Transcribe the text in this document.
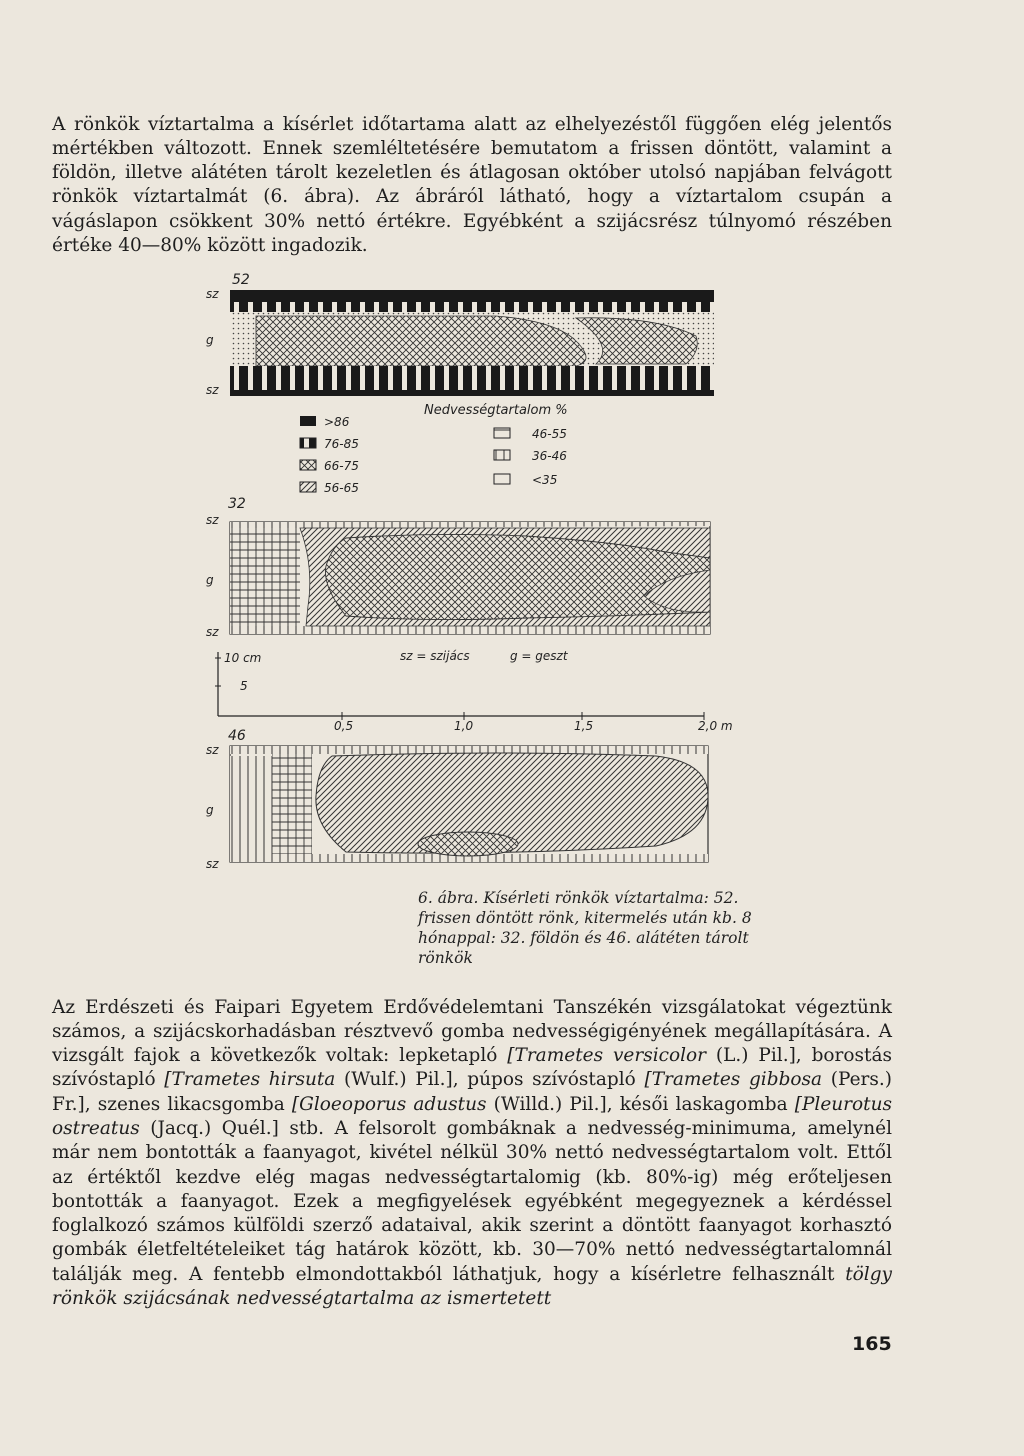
A rönkök víztartalma a kísérlet időtartama alatt az elhelyezéstől függően elég jelentős mértékben változott. Ennek szemléltetésére bemutatom a frissen döntött, valamint a földön, illetve alátéten tárolt kezeletlen és átlagosan október utolsó napjában felvágott rönkök víztartalmát (6. ábra). Az ábráról látható, hogy a víztartalom csupán a vágáslapon csökkent 30% nettó értékre. Egyébként a szijácsrész túlnyomó részében értéke 40—80% között ingadozik.

52
sz
g
sz
Nedvességtartalom %
>86
76-85
66-75
56-65
46-55
36-46
<35
32
sz
g
sz
10 cm
5
sz = szijács	g = geszt
0,5	1,0	1,5	2,0 m
46
sz
g
sz
6. ábra. Kísérleti rönkök víztartalma: 52. frissen döntött rönk, kitermelés után kb. 8 hónappal: 32. földön és 46. alátéten tárolt rönkök

Az Erdészeti és Faipari Egyetem Erdővédelemtani Tanszékén vizsgálatokat végeztünk számos, a szijácskorhadásban résztvevő gomba nedvességigényének megállapítására. A vizsgált fajok a következők voltak: lepketapló [Trametes versicolor (L.) Pil.], borostás szívóstapló [Trametes hirsuta (Wulf.) Pil.], púpos szívóstapló [Trametes gibbosa (Pers.) Fr.], szenes likacsgomba [Gloeoporus adustus (Willd.) Pil.], késői laskagomba [Pleurotus ostreatus (Jacq.) Quél.] stb. A felsorolt gombáknak a nedvesség-minimuma, amelynél már nem bontották a faanyagot, kivétel nélkül 30% nettó nedvességtartalom volt. Ettől az értéktől kezdve elég magas nedvességtartalomig (kb. 80%-ig) még erőteljesen bontották a faanyagot. Ezek a megfigyelések egyébként megegyeznek a kérdéssel foglalkozó számos külföldi szerző adataival, akik szerint a döntött faanyagot korhasztó gombák életfeltételeiket tág határok között, kb. 30—70% nettó nedvességtartalomnál találják meg. A fentebb elmondottakból láthatjuk, hogy a kísérletre felhasznált tölgy rönkök szijácsának nedvességtartalma az ismertetett

165
